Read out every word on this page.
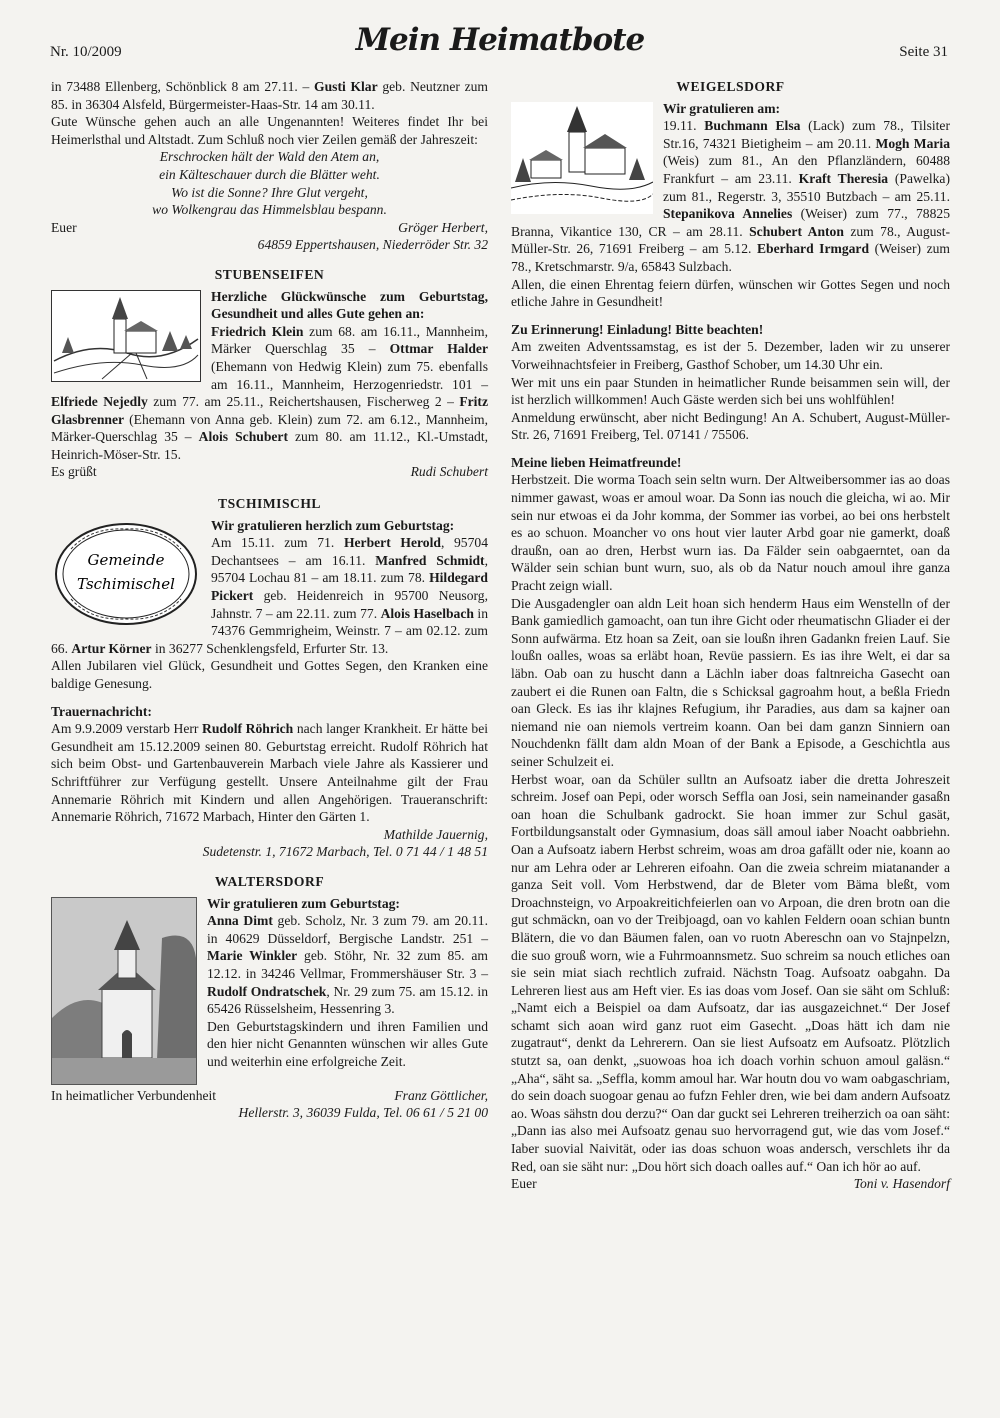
Nr. 10/2009	Mein Heimatbote	Seite 31

in 73488 Ellenberg, Schönblick 8 am 27.11. – Gusti Klar geb. Neutzner zum 85. in 36304 Alsfeld, Bürgermeister-Haas-Str. 14 am 30.11.

Gute Wünsche gehen auch an alle Ungenannten! Weiteres findet Ihr bei Heimerlsthal und Altstadt. Zum Schluß noch vier Zeilen gemäß der Jahreszeit:

Erschrocken hält der Wald den Atem an,
ein Kälteschauer durch die Blätter weht.
Wo ist die Sonne? Ihre Glut vergeht,
wo Wolkengrau das Himmelsblau bespann.
Euer	Gröger Herbert,
64859 Eppertshausen, Niederröder Str. 32
STUBENSEIFEN

Herzliche Glückwünsche zum Geburtstag, Gesundheit und alles Gute gehen an:

Friedrich Klein zum 68. am 16.11., Mannheim, Märker Querschlag 35 – Ottmar Halder (Ehemann von Hedwig Klein) zum 75. ebenfalls am 16.11., Mannheim, Herzogenriedstr. 101 – Elfriede Nejedly zum 77. am 25.11., Reichertshausen, Fischerweg 2 – Fritz Glasbrenner (Ehemann von Anna geb. Klein) zum 72. am 6.12., Mannheim, Märker-Querschlag 35 – Alois Schubert zum 80. am 11.12., Kl.-Umstadt, Heinrich-Möser-Str. 15.

Es grüßt	Rudi Schubert
TSCHIMISCHL
Gemeinde
Tschimischel

Wir gratulieren herzlich zum Geburtstag:

Am 15.11. zum 71. Herbert Herold, 95704 Dechantsees – am 16.11. Manfred Schmidt, 95704 Lochau 81 – am 18.11. zum 78. Hildegard Pickert geb. Heidenreich in 95700 Neusorg, Jahnstr. 7 – am 22.11. zum 77. Alois Haselbach in 74376 Gemmrigheim, Weinstr. 7 – am 02.12. zum 66. Artur Körner in 36277 Schenklengsfeld, Erfurter Str. 13.

Allen Jubilaren viel Glück, Gesundheit und Gottes Segen, den Kranken eine baldige Genesung.

Trauernachricht:

Am 9.9.2009 verstarb Herr Rudolf Röhrich nach langer Krankheit. Er hätte bei Gesundheit am 15.12.2009 seinen 80. Geburtstag erreicht. Rudolf Röhrich hat sich beim Obst- und Gartenbauverein Marbach viele Jahre als Kassierer und Schriftführer zur Verfügung gestellt. Unsere Anteilnahme gilt der Frau Annemarie Röhrich mit Kindern und allen Angehörigen. Traueranschrift: Annemarie Röhrich, 71672 Marbach, Hinter den Gärten 1.

Mathilde Jauernig,
Sudetenstr. 1, 71672 Marbach, Tel. 0 71 44 / 1 48 51
WALTERSDORF

Wir gratulieren zum Geburtstag:

Anna Dimt geb. Scholz, Nr. 3 zum 79. am 20.11. in 40629 Düsseldorf, Bergische Landstr. 251 – Marie Winkler geb. Stöhr, Nr. 32 zum 85. am 12.12. in 34246 Vellmar, Frommershäuser Str. 3 – Rudolf Ondratschek, Nr. 29 zum 75. am 15.12. in 65426 Rüsselsheim, Hessenring 3.

Den Geburtstagskindern und ihren Familien und den hier nicht Genannten wünschen wir alles Gute und weiterhin eine erfolgreiche Zeit.

In heimatlicher Verbundenheit	Franz Göttlicher,
Hellerstr. 3, 36039 Fulda, Tel. 06 61 / 5 21 00
WEIGELSDORF

Wir gratulieren am:

19.11. Buchmann Elsa (Lack) zum 78., Tilsiter Str.16, 74321 Bietigheim – am 20.11. Mogh Maria (Weis) zum 81., An den Pflanzländern, 60488 Frankfurt – am 23.11. Kraft Theresia (Pawelka) zum 81., Regerstr. 3, 35510 Butzbach – am 25.11. Stepanikova Annelies (Weiser) zum 77., 78825 Branna, Vikantice 130, CR – am 28.11. Schubert Anton zum 78., August-Müller-Str. 26, 71691 Freiberg – am 5.12. Eberhard Irmgard (Weiser) zum 78., Kretschmarstr. 9/a, 65843 Sulzbach.

Allen, die einen Ehrentag feiern dürfen, wünschen wir Gottes Segen und noch etliche Jahre in Gesundheit!

Zu Erinnerung! Einladung! Bitte beachten!

Am zweiten Adventssamstag, es ist der 5. Dezember, laden wir zu unserer Vorweihnachtsfeier in Freiberg, Gasthof Schober, um 14.30 Uhr ein.

Wer mit uns ein paar Stunden in heimatlicher Runde beisammen sein will, der ist herzlich willkommen! Auch Gäste werden sich bei uns wohlfühlen!

Anmeldung erwünscht, aber nicht Bedingung! An A. Schubert, August-Müller-Str. 26, 71691 Freiberg, Tel. 07141 / 75506.

Meine lieben Heimatfreunde!

Herbstzeit. Die worma Toach sein seltn wurn. Der Altweibersommer ias ao doas nimmer gawast, woas er amoul woar. Da Sonn ias nouch die gleicha, wi ao. Mir sein nur etwoas ei da Johr komma, der Sommer ias vorbei, ao bei ons herbstelt es ao schuon. Moancher vo ons hout vier lauter Arbd goar nie gamerkt, doaß draußn, oan ao dren, Herbst wurn ias. Da Fälder sein oabgaerntet, oan da Wälder sein schian bunt wurn, suo, als ob da Natur nouch amoul ihre ganza Pracht zeign wiall.

Die Ausgadengler oan aldn Leit hoan sich henderm Haus eim Wenstelln of der Bank gamiedlich gamoacht, oan tun ihre Gicht oder rheumatischn Gliader ei der Sonn aufwärma. Etz hoan sa Zeit, oan sie loußn ihren Gadankn freien Lauf. Sie loußn oalles, woas sa erläbt hoan, Revüe passiern. Es ias ihre Welt, ei dar sa läbn. Oab oan zu huscht dann a Lächln iaber doas faltnreicha Gasecht oan zaubert ei die Runen oan Faltn, die s Schicksal gagroahm hout, a beßla Friedn oan Gleck. Es ias ihr klajnes Refugium, ihr Paradies, aus dam sa kajner oan niemand nie oan niemols vertreim koann. Oan bei dam ganzn Sinniern oan Nouchdenkn fällt dam aldn Moan of der Bank a Episode, a Geschichtla aus seiner Schulzeit ei.

Herbst woar, oan da Schüler sulltn an Aufsoatz iaber die dretta Johreszeit schreim. Josef oan Pepi, oder worsch Seffla oan Josi, sein nameinander gasaßn oan hoan die Schulbank gadrockt. Sie hoan immer zur Schul gasät, Fortbildungsanstalt oder Gymnasium, doas säll amoul iaber Noacht oabbriehn. Oan a Aufsoatz iabern Herbst schreim, woas am droa gafällt oder nie, koann ao nur am Lehra oder ar Lehreren eifoahn. Oan die zweia schreim miatanander a ganza Seit voll. Vom Herbstwend, dar de Bleter vom Bäma bleßt, vom Droachnsteign, vo Arpoakreitichfeierlen oan vo Arpoan, die dren brotn oan die gut schmäckn, oan vo der Treibjoagd, oan vo kahlen Feldern ooan schian buntn Blätern, die vo dan Bäumen falen, oan vo ruotn Abereschn oan vo Stajnpelzn, die suo grouß worn, wie a Fuhrmoannsmetz. Suo schreim sa nouch etliches oan sie sein miat siach rechtlich zufraid. Nächstn Toag. Aufsoatz oabgahn. Da Lehreren liest aus am Heft vier. Es ias doas vom Josef. Oan sie säht om Schluß: „Namt eich a Beispiel oa dam Aufsoatz, dar ias ausgazeichnet.“ Der Josef schamt sich aoan wird ganz ruot eim Gasecht. „Doas hätt ich dam nie zugatraut“, denkt da Lehrerern. Oan sie liest Aufsoatz em Aufsoatz. Plötzlich stutzt sa, oan denkt, „suowoas hoa ich doach vorhin schuon amoul galäsn.“ „Aha“, säht sa. „Seffla, komm amoul har. War houtn dou vo wam oabgaschriam, do sein doach suogoar genau ao fufzn Fehler dren, wie bei dam andern Aufsoatz ao. Woas sähstn dou derzu?“ Oan dar guckt sei Lehreren treiherzich oa oan säht: „Dann ias also mei Aufsoatz genau suo hervorragend gut, wie das vom Josef.“ Iaber suovial Naivität, oder ias doas schuon woas andersch, verschlets ihr da Red, oan sie säht nur: „Dou hört sich doach oalles auf.“ Oan ich hör ao auf.

Euer	Toni v. Hasendorf
